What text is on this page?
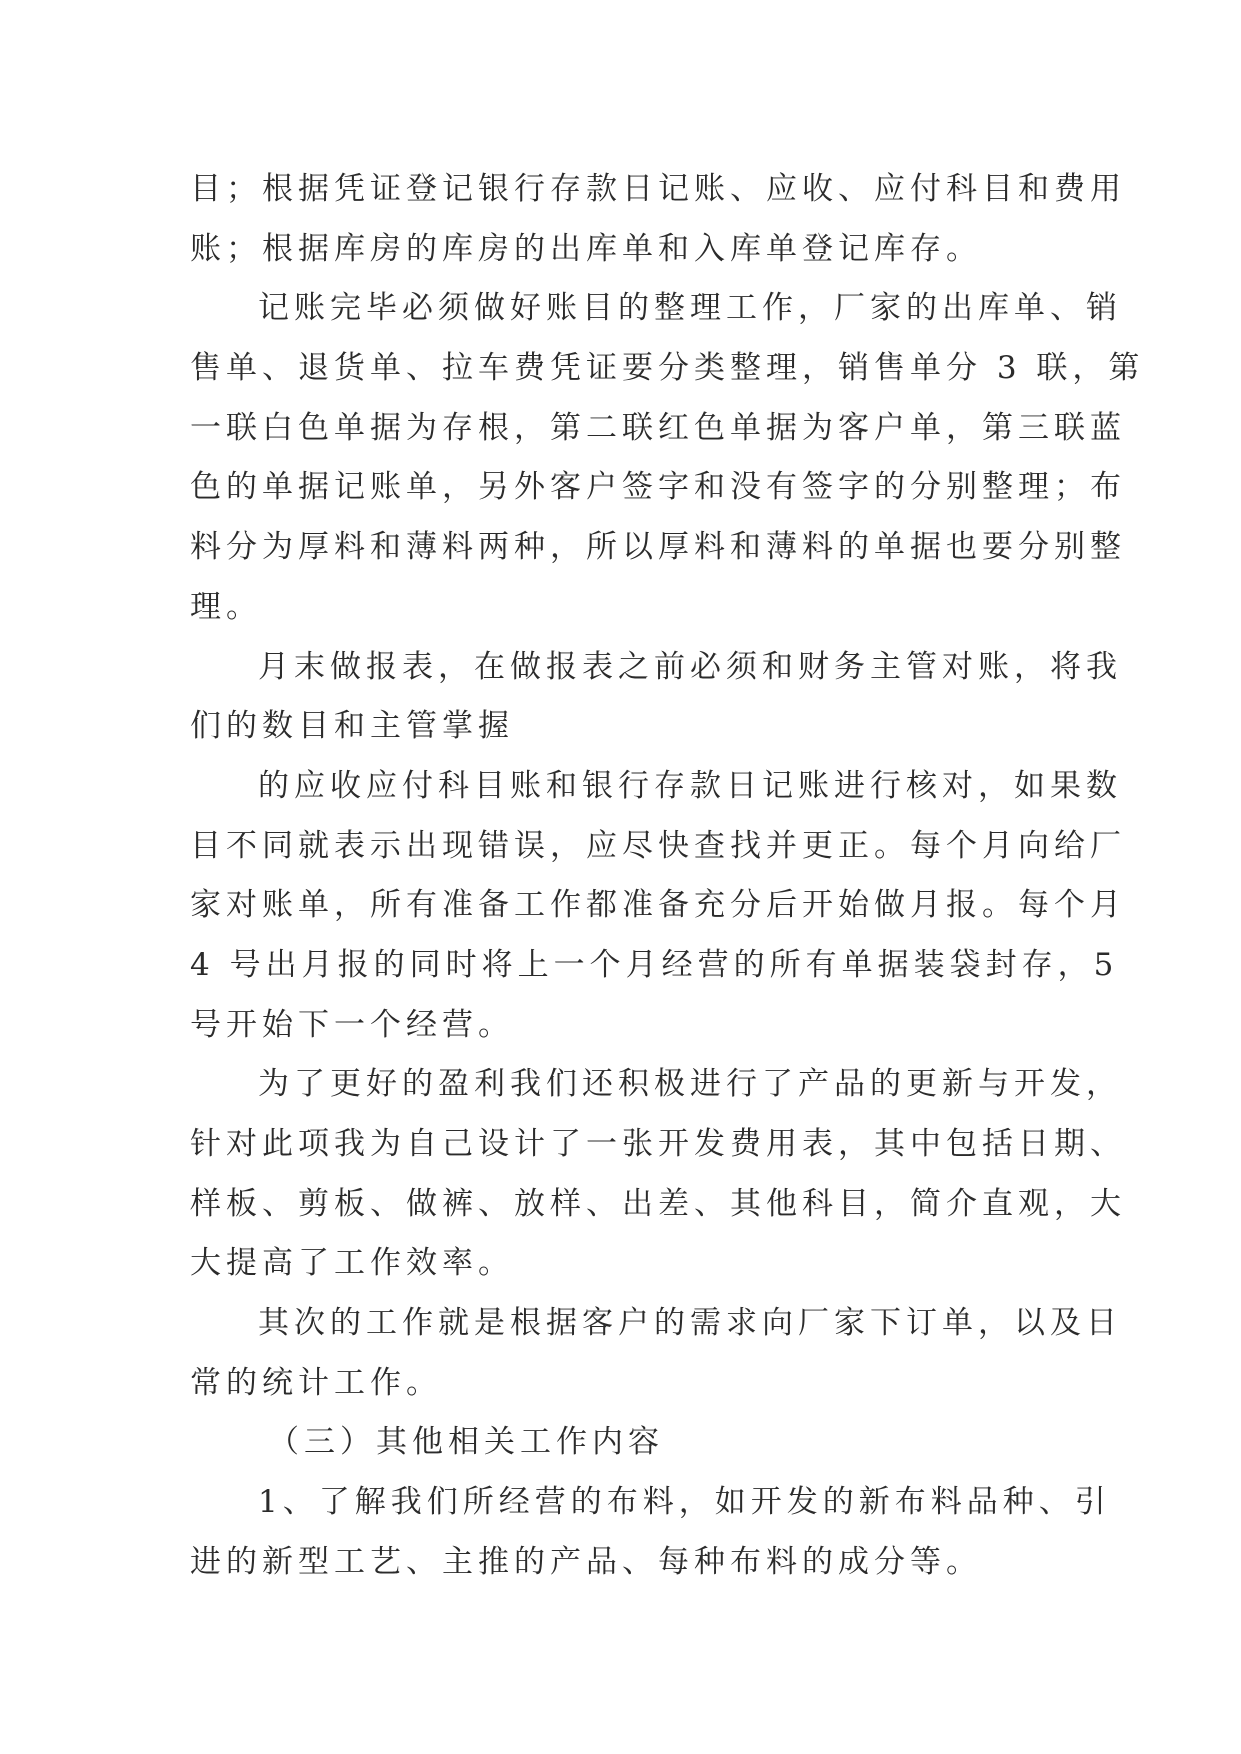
目；根据凭证登记银行存款日记账、应收、应付科目和费用
账；根据库房的库房的出库单和入库单登记库存。
记账完毕必须做好账目的整理工作，厂家的出库单、销
售单、退货单、拉车费凭证要分类整理，销售单分 3 联，第
一联白色单据为存根，第二联红色单据为客户单，第三联蓝
色的单据记账单，另外客户签字和没有签字的分别整理；布
料分为厚料和薄料两种，所以厚料和薄料的单据也要分别整
理。
月末做报表，在做报表之前必须和财务主管对账，将我
们的数目和主管掌握
的应收应付科目账和银行存款日记账进行核对，如果数
目不同就表示出现错误，应尽快查找并更正。每个月向给厂
家对账单，所有准备工作都准备充分后开始做月报。每个月
4 号出月报的同时将上一个月经营的所有单据装袋封存，5
号开始下一个经营。
为了更好的盈利我们还积极进行了产品的更新与开发，
针对此项我为自己设计了一张开发费用表，其中包括日期、
样板、剪板、做裤、放样、出差、其他科目，简介直观，大
大提高了工作效率。
其次的工作就是根据客户的需求向厂家下订单，以及日
常的统计工作。
（三）其他相关工作内容
1、了解我们所经营的布料，如开发的新布料品种、引
进的新型工艺、主推的产品、每种布料的成分等。
